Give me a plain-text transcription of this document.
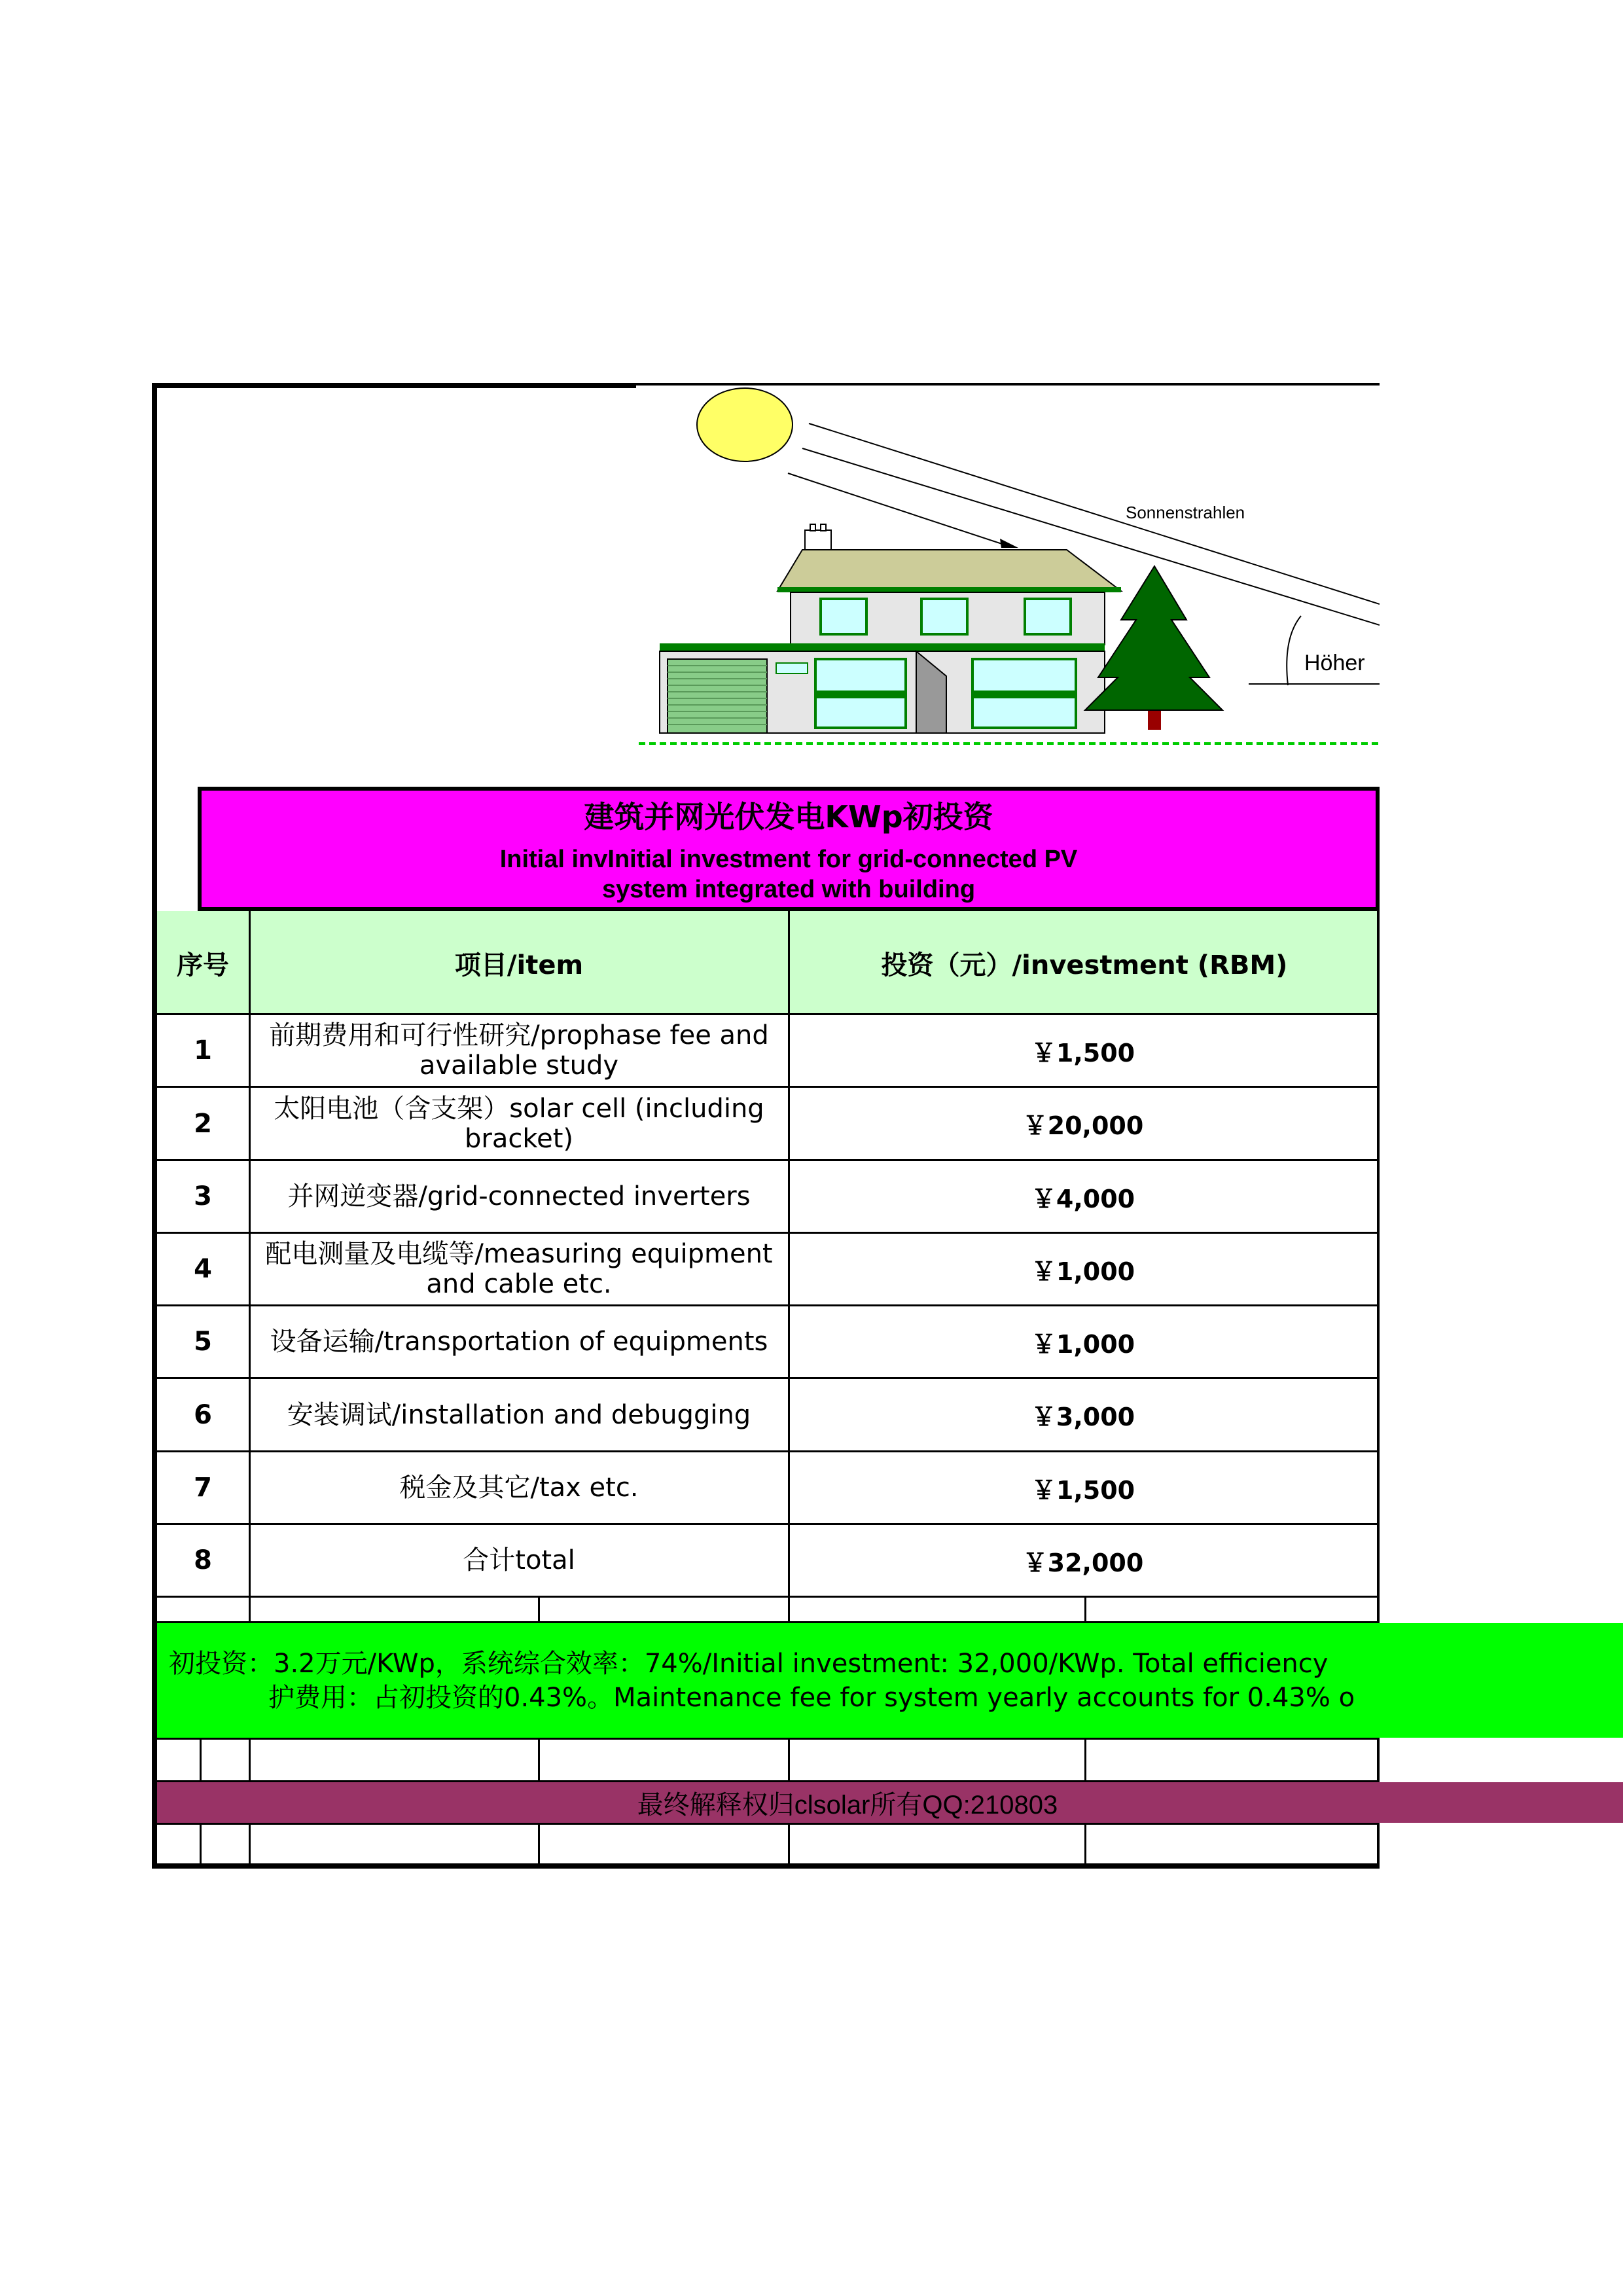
Sonnenstrahlen
Höher
建筑并网光伏发电KWp初投资
Initial invInitial investment for grid-connected PV
system integrated with building
序号	项目/item	投资（元）/investment (RBM)
1	前期费用和可行性研究/prophase fee and
available study	￥1,500
2	太阳电池（含支架）solar cell (including
bracket)	￥20,000
3	并网逆变器/grid-connected inverters	￥4,000
4	配电测量及电缆等/measuring equipment
and cable etc.	￥1,000
5	设备运输/transportation of equipments	￥1,000
6	安装调试/installation and debugging	￥3,000
7	税金及其它/tax etc.	￥1,500
8	合计total	￥32,000
初投资：3.2万元/KWp，系统综合效率：74%/Initial investment: 32,000/KWp. Total efficiency
护费用：占初投资的0.43%。Maintenance fee for system yearly accounts for 0.43% o
最终解释权归clsolar所有QQ:210803
